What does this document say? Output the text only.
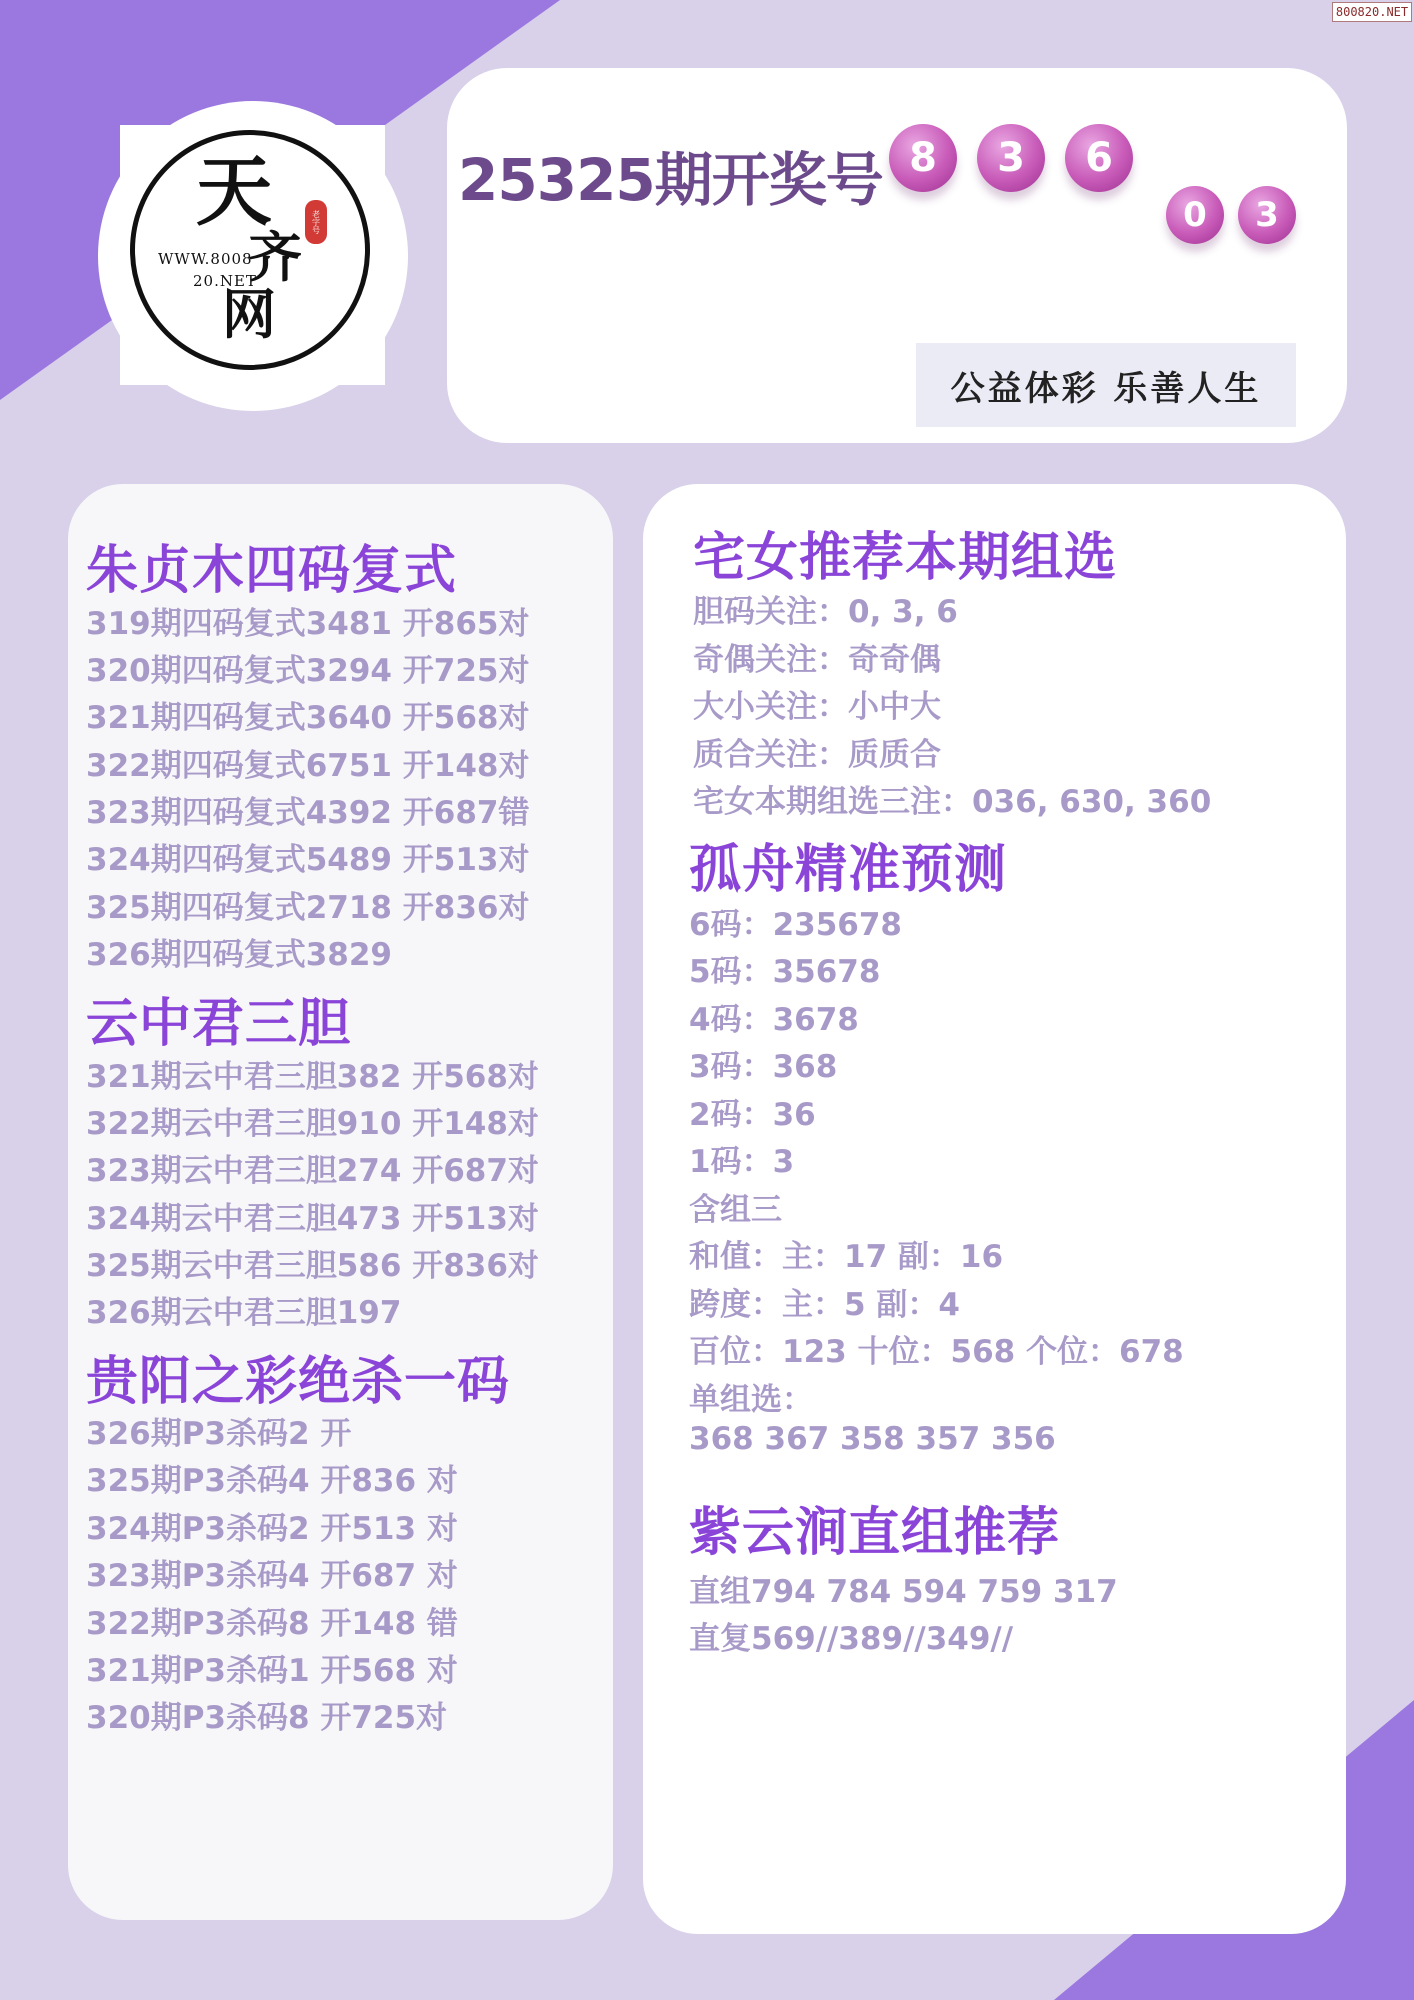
800820.NET
天
齐
网
WWW.8008
20.NET
老字号
25325期开奖号 8	3	6
0	3
公益体彩 乐善人生
朱贞木四码复式
319期四码复式3481 开865对
320期四码复式3294 开725对
321期四码复式3640 开568对
322期四码复式6751 开148对
323期四码复式4392 开687错
324期四码复式5489 开513对
325期四码复式2718 开836对
326期四码复式3829
云中君三胆
321期云中君三胆382 开568对
322期云中君三胆910 开148对
323期云中君三胆274 开687对
324期云中君三胆473 开513对
325期云中君三胆586 开836对
326期云中君三胆197
贵阳之彩绝杀一码
326期P3杀码2 开
325期P3杀码4 开836 对
324期P3杀码2 开513 对
323期P3杀码4 开687 对
322期P3杀码8 开148 错
321期P3杀码1 开568 对
320期P3杀码8 开725对
宅女推荐本期组选
胆码关注：0, 3, 6
奇偶关注：奇奇偶
大小关注：小中大
质合关注：质质合
宅女本期组选三注：036, 630, 360
孤舟精准预测
6码：235678
5码：35678
4码：3678
3码：368
2码：36
1码：3
含组三
和值：主：17 副：16
跨度：主：5 副：4
百位：123 十位：568 个位：678
单组选：
368 367 358 357 356
紫云涧直组推荐
直组794 784 594 759 317
直复569//389//349//
